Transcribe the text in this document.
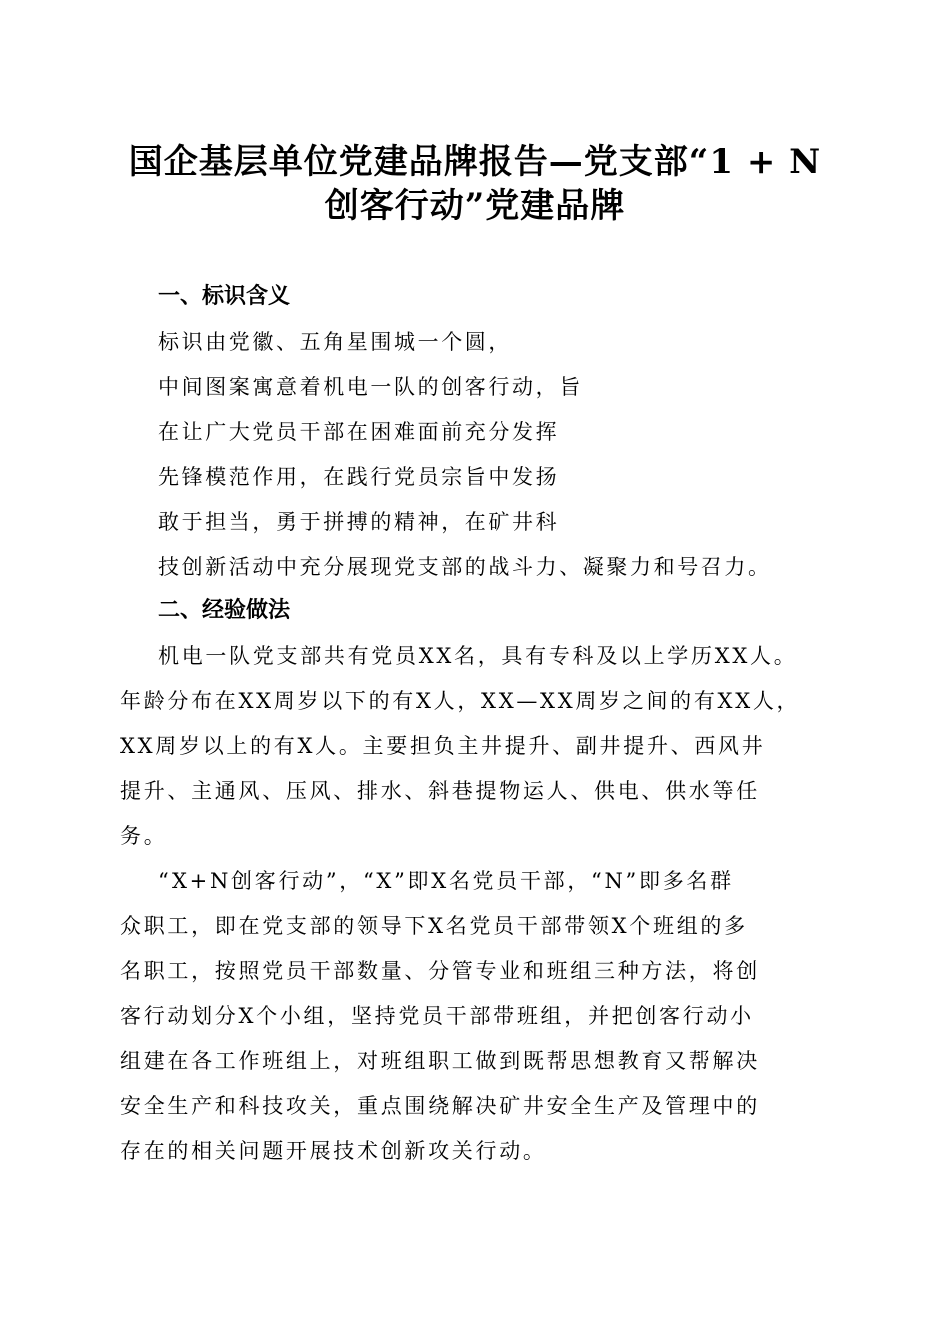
国企基层单位党建品牌报告—党支部“1 + N
创客行动”党建品牌
一、标识含义
标识由党徽、五角星围城一个圆，
中间图案寓意着机电一队的创客行动，旨
在让广大党员干部在困难面前充分发挥
先锋模范作用，在践行党员宗旨中发扬
敢于担当，勇于拼搏的精神，在矿井科
技创新活动中充分展现党支部的战斗力、凝聚力和号召力。
二、经验做法
机电一队党支部共有党员XX名，具有专科及以上学历XX人。
年龄分布在XX周岁以下的有X人，XX—XX周岁之间的有XX人，
XX周岁以上的有X人。主要担负主井提升、副井提升、西风井
提升、主通风、压风、排水、斜巷提物运人、供电、供水等任
务。
“X+N创客行动”，“X”即X名党员干部，“N”即多名群
众职工，即在党支部的领导下X名党员干部带领X个班组的多
名职工，按照党员干部数量、分管专业和班组三种方法，将创
客行动划分X个小组，坚持党员干部带班组，并把创客行动小
组建在各工作班组上，对班组职工做到既帮思想教育又帮解决
安全生产和科技攻关，重点围绕解决矿井安全生产及管理中的
存在的相关问题开展技术创新攻关行动。
